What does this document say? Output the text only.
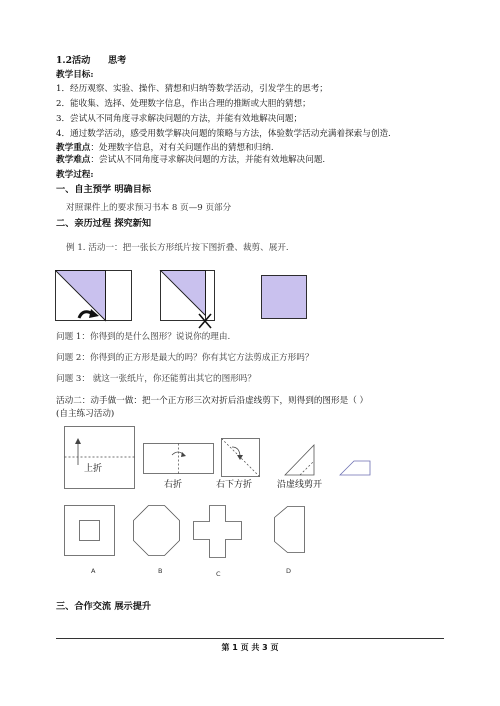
1.2活动 思考
教学目标:
1．经历观察、实验、操作、猜想和归纳等数学活动，引发学生的思考；
2．能收集、选择、处理数字信息，作出合理的推断或大胆的猜想；
3．尝试从不同角度寻求解决问题的方法，并能有效地解决问题；
4．通过数学活动，感受用数学解决问题的策略与方法，体验数学活动充满着探索与创造.
教学重点：处理数字信息，对有关问题作出的猜想和归纳.
教学难点：尝试从不同角度寻求解决问题的方法，并能有效地解决问题.
教学过程:
一、自主预学 明确目标
对照课件上的要求预习书本 8 页—9 页部分
二、亲历过程 探究新知
例 1. 活动一：把一张长方形纸片按下图折叠、裁剪、展开.
问题 1：你得到的是什么图形？说说你的理由.
问题 2：你得到的正方形是最大的吗？你有其它方法剪成正方形吗？
问题 3： 就这一张纸片，你还能剪出其它的图形吗？
活动二：动手做一做：把一个正方形三次对折后沿虚线剪下，则得到的图形是（ ）
(自主练习活动)
上折
右折	右下方折	沿虚线剪开
A	B	C	D
三、合作交流 展示提升
第 1 页 共 3 页
